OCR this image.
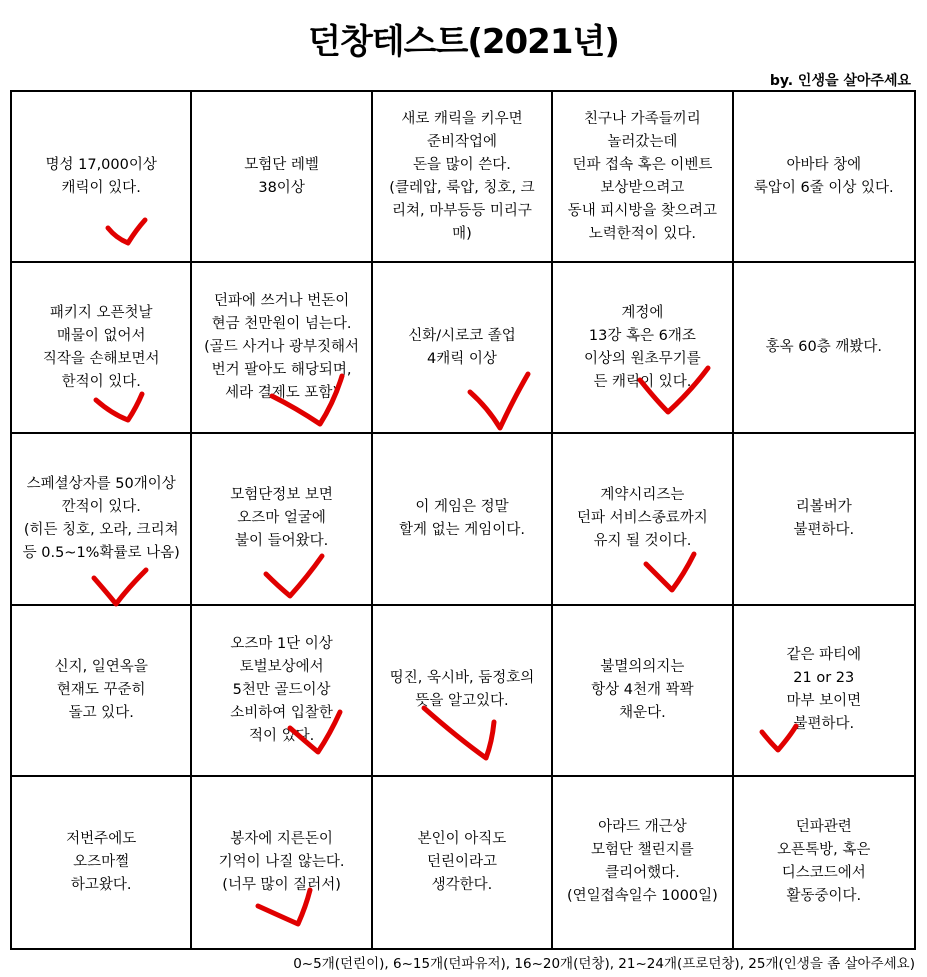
던창테스트(2021년)
by. 인생을 살아주세요
명성 17,000이상
캐릭이 있다.
모험단 레벨
38이상
새로 캐릭을 키우면
준비작업에
돈을 많이 쓴다.
(클레압, 룩압, 칭호, 크
리쳐, 마부등등 미리구
매)
친구나 가족들끼리
놀러갔는데
던파 접속 혹은 이벤트
보상받으려고
동내 피시방을 찾으려고
노력한적이 있다.
아바타 창에
룩압이 6줄 이상 있다.
패키지 오픈첫날
매물이 없어서
직작을 손해보면서
한적이 있다.
던파에 쓰거나 번돈이
현금 천만원이 넘는다.
(골드 사거나 광부짓해서
번거 팔아도 해당되며,
세라 결제도 포함)
신화/시로코 졸업
4캐릭 이상
계정에
13강 혹은 6개조
이상의 원초무기를
든 캐릭이 있다.
홍옥 60층 깨봤다.
스페셜상자를 50개이상
깐적이 있다.
(히든 칭호, 오라, 크리쳐
등 0.5~1%확률로 나옴)
모험단정보 보면
오즈마 얼굴에
불이 들어왔다.
이 게임은 정말
할게 없는 게임이다.
계약시리즈는
던파 서비스종료까지
유지 될 것이다.
리볼버가
불편하다.
신지, 일연옥을
현재도 꾸준히
돌고 있다.
오즈마 1단 이상
토벌보상에서
5천만 골드이상
소비하여 입찰한
적이 있다.
띵진, 욱시바, 둠정호의
뜻을 알고있다.
불멸의의지는
항상 4천개 꽉꽉
채운다.
같은 파티에
21 or 23
마부 보이면
불편하다.
저번주에도
오즈마쩔
하고왔다.
봉자에 지른돈이
기억이 나질 않는다.
(너무 많이 질러서)
본인이 아직도
던린이라고
생각한다.
아라드 개근상
모험단 챌린지를
클리어했다.
(연일접속일수 1000일)
던파관련
오픈톡방, 혹은
디스코드에서
활동중이다.
0~5개(던린이), 6~15개(던파유저), 16~20개(던창), 21~24개(프로던창), 25개(인생을 좀 살아주세요)
